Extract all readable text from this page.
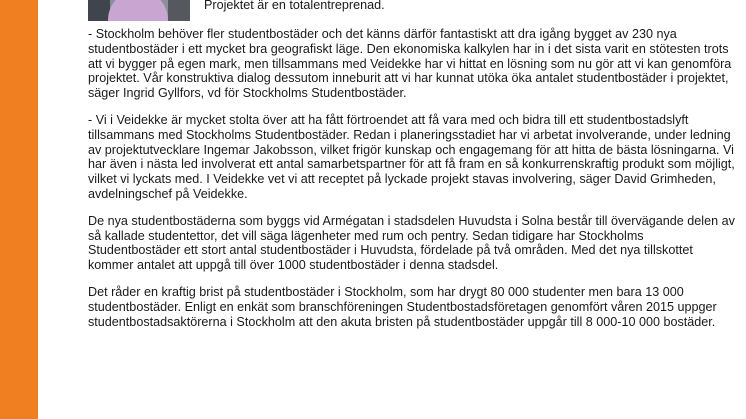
Projektet är en totalentreprenad.

- Stockholm behöver fler studentbostäder och det känns därför fantastiskt att dra igång bygget av 230 nya studentbostäder i ett mycket bra geografiskt läge. Den ekonomiska kalkylen har in i det sista varit en stötesten trots att vi bygger på egen mark, men tillsammans med Veidekke har vi hittat en lösning som nu gör att vi kan genomföra projektet. Vår konstruktiva dialog dessutom inneburit att vi har kunnat utöka öka antalet studentbostäder i projektet, säger Ingrid Gyllfors, vd för Stockholms Studentbostäder.

- Vi i Veidekke är mycket stolta över att ha fått förtroendet att få vara med och bidra till ett studentbostadslyft tillsammans med Stockholms Studentbostäder. Redan i planeringsstadiet har vi arbetat involverande, under ledning av projektutvecklare Ingemar Jakobsson, vilket frigör kunskap och engagemang för att hitta de bästa lösningarna. Vi har även i nästa led involverat ett antal samarbetspartner för att få fram en så konkurrenskraftig produkt som möjligt, vilket vi lyckats med. I Veidekke vet vi att receptet på lyckade projekt stavas involvering, säger David Grimheden, avdelningschef på Veidekke.

De nya studentbostäderna som byggs vid Armégatan i stadsdelen Huvudsta i Solna består till övervägande delen av så kallade studentettor, det vill säga lägenheter med rum och pentry. Sedan tidigare har Stockholms Studentbostäder ett stort antal studentbostäder i Huvudsta, fördelade på två områden. Med det nya tillskottet kommer antalet att uppgå till över 1000 studentbostäder i denna stadsdel.

Det råder en kraftig brist på studentbostäder i Stockholm, som har drygt 80 000 studenter men bara 13 000 studentbostäder. Enligt en enkät som branschföreningen Studentbostadsföretagen genomfört våren 2015 uppger studentbostadsaktörerna i Stockholm att den akuta bristen på studentbostäder uppgår till 8 000-10 000 bostäder.
